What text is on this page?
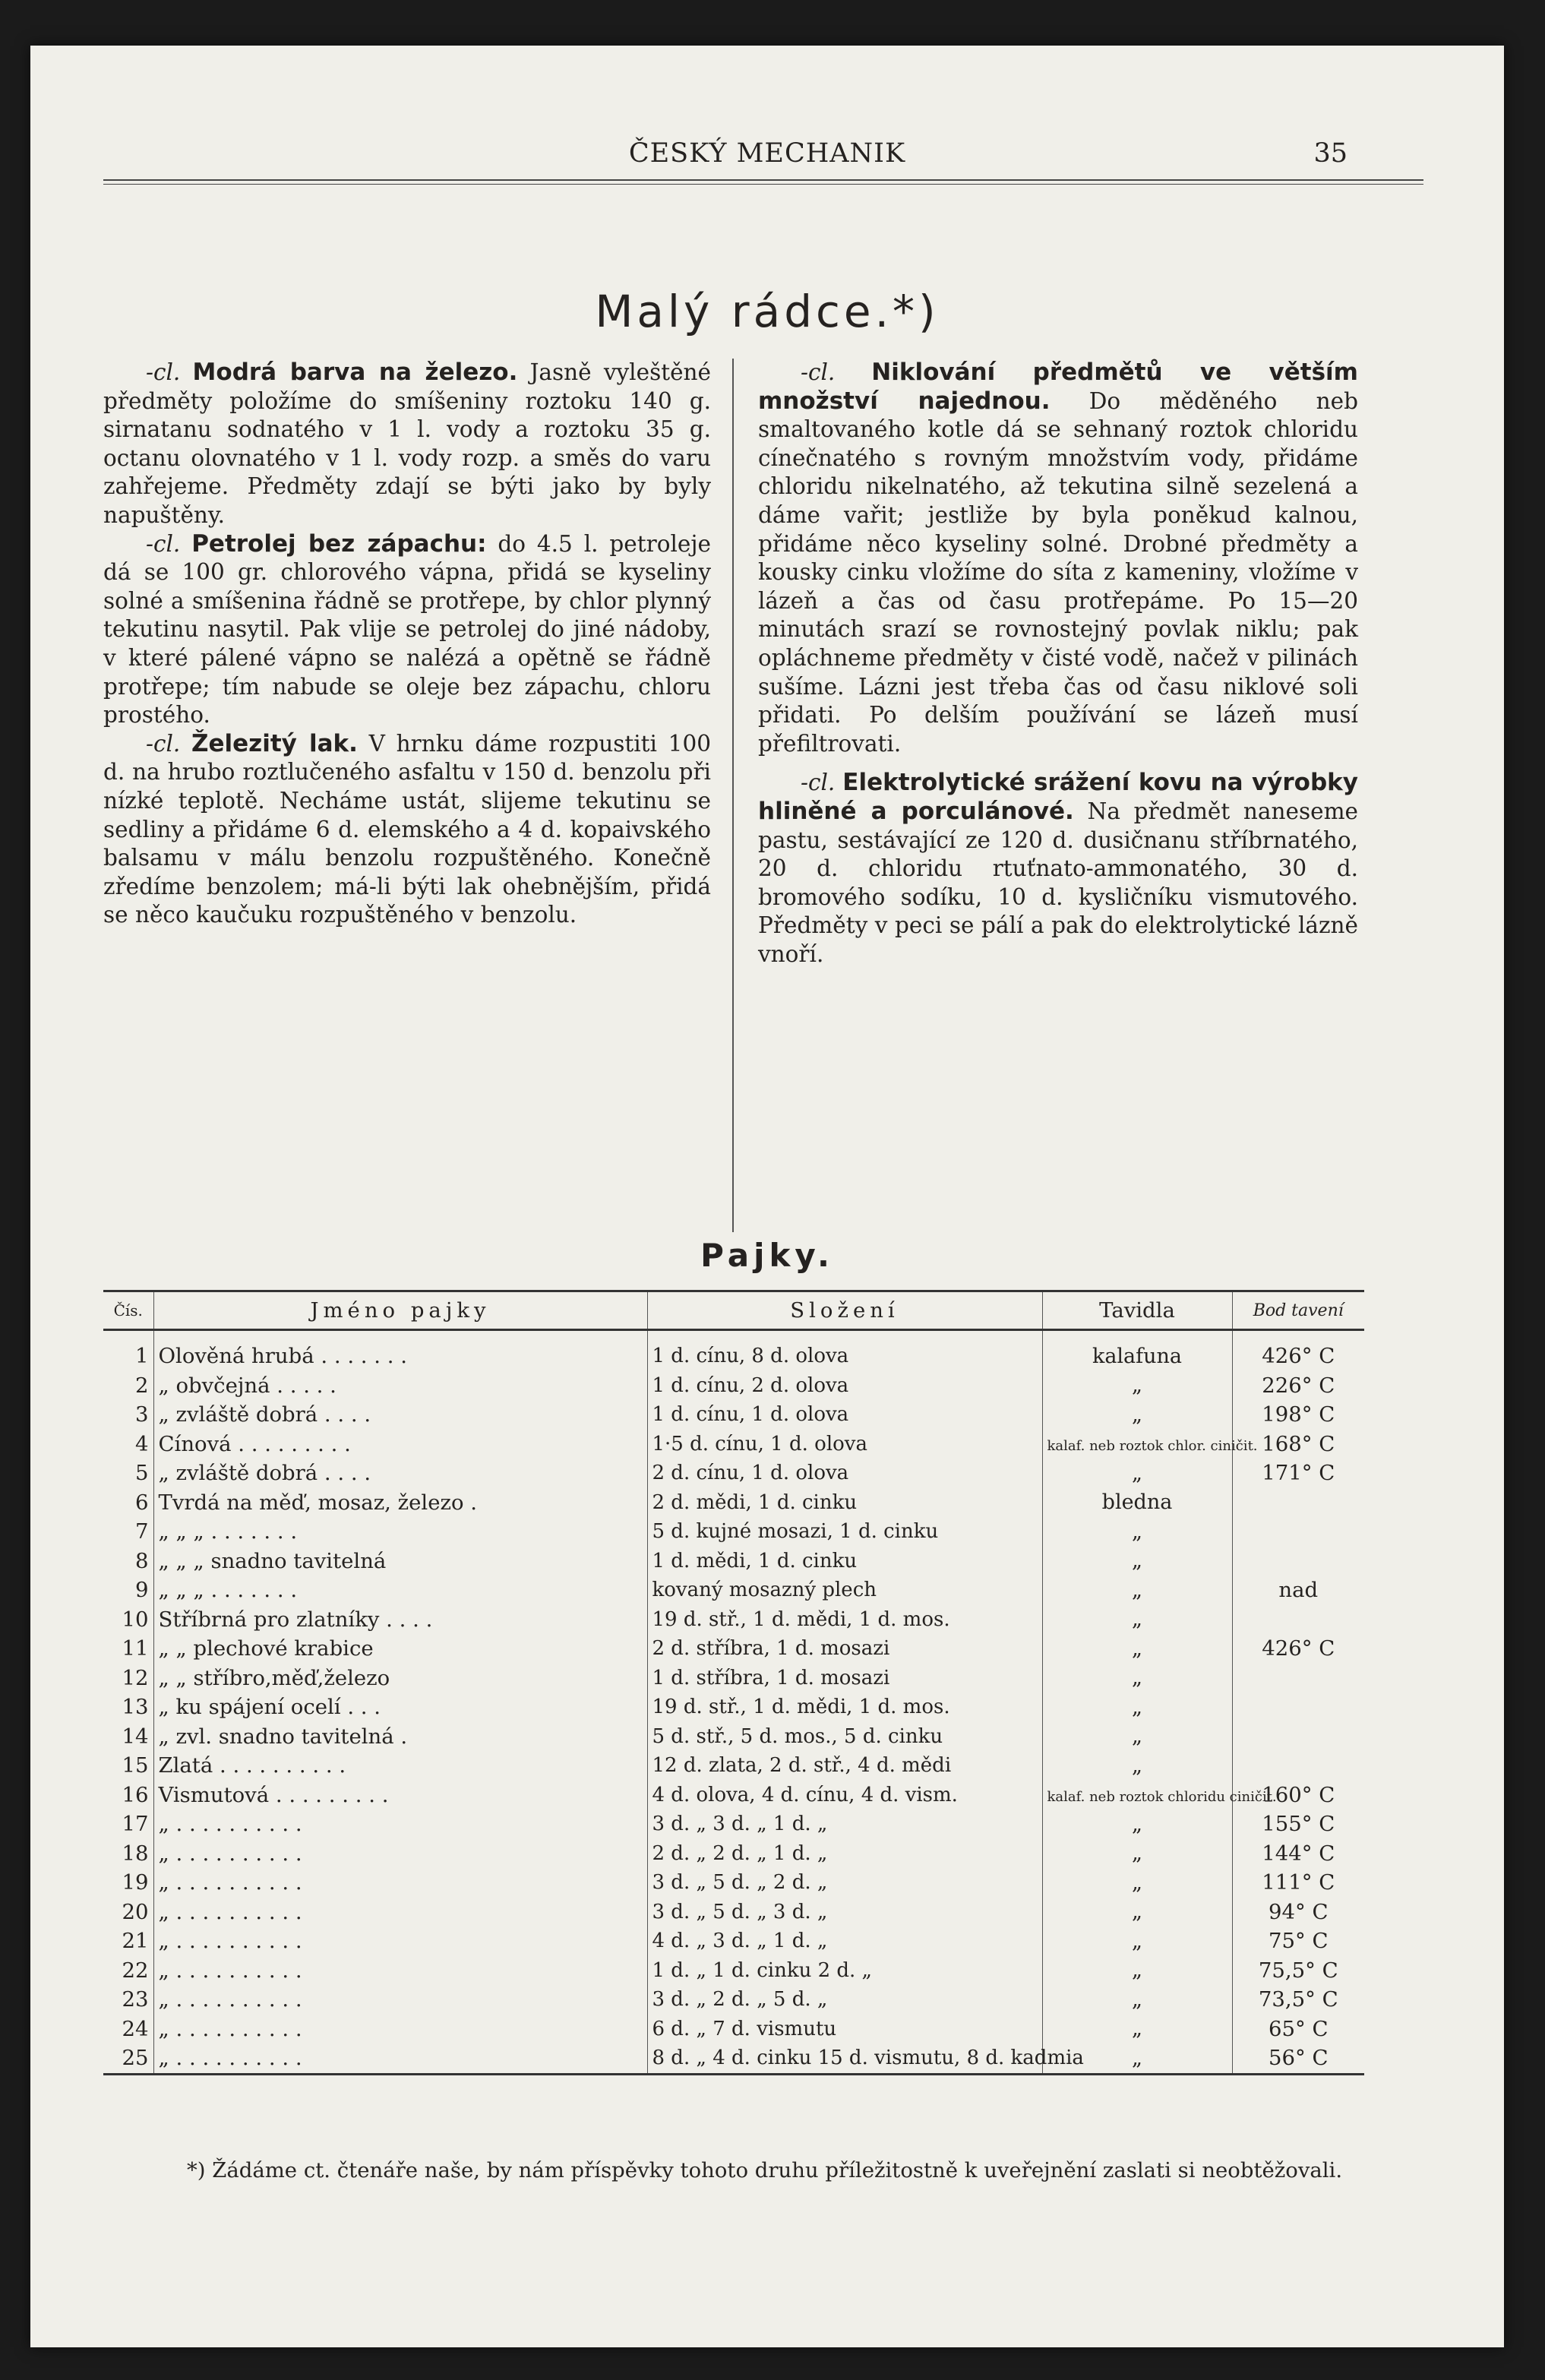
ČESKÝ MECHANIK	35
Malý rádce.*)

-cl. Modrá barva na železo. Jasně vyleštěné předměty položíme do smíšeniny roztoku 140 g. sirnatanu sodnatého v 1 l. vody a roztoku 35 g. octanu olovnatého v 1 l. vody rozp. a směs do varu zahřejeme. Předměty zdají se býti jako by byly napuštěny.

-cl. Petrolej bez zápachu: do 4.5 l. petroleje dá se 100 gr. chlorového vápna, přidá se kyseliny solné a smíšenina řádně se protřepe, by chlor plynný tekutinu nasytil. Pak vlije se petrolej do jiné nádoby, v které pálené vápno se nalézá a opětně se řádně protřepe; tím nabude se oleje bez zápachu, chloru prostého.

-cl. Železitý lak. V hrnku dáme rozpustiti 100 d. na hrubo roztlučeného asfaltu v 150 d. benzolu při nízké teplotě. Necháme ustát, slijeme tekutinu se sedliny a přidáme 6 d. elemského a 4 d. kopaivského balsamu v málu benzolu rozpuštěného. Konečně zředíme benzolem; má-li býti lak ohebnějším, přidá se něco kaučuku rozpuštěného v benzolu.

-cl. Niklování předmětů ve větším množství najednou. Do měděného neb smaltovaného kotle dá se sehnaný roztok chloridu cínečnatého s rovným množstvím vody, přidáme chloridu nikelnatého, až tekutina silně sezelená a dáme vařit; jestliže by byla poněkud kalnou, přidáme něco kyseliny solné. Drobné předměty a kousky cinku vložíme do síta z kameniny, vložíme v lázeň a čas od času protřepáme. Po 15—20 minutách srazí se rovnostejný povlak niklu; pak opláchneme předměty v čisté vodě, načež v pilinách sušíme. Lázni jest třeba čas od času niklové soli přidati. Po delším používání se lázeň musí přefiltrovati.

-cl. Elektrolytické srážení kovu na výrobky hliněné a porculánové. Na předmět naneseme pastu, sestávající ze 120 d. dusičnanu stříbrnatého, 20 d. chloridu rtuťnato-ammonatého, 30 d. bromového sodíku, 10 d. kysličníku vismutového. Předměty v peci se pálí a pak do elektrolytické lázně vnoří.

Pajky.
Čís.	Jméno pajky	Složení	Tavidla	Bod tavení

1	Olověná hrubá . . . . . . .	1 d. cínu, 8 d. olova	kalafuna	426° C
2	„ obvčejná . . . . .	1 d. cínu, 2 d. olova	„	226° C
3	„ zvláště dobrá . . . .	1 d. cínu, 1 d. olova	„	198° C
4	Cínová . . . . . . . . .	1·5 d. cínu, 1 d. olova	kalaf. neb roztok chlor. ciničit.	168° C
5	„ zvláště dobrá . . . .	2 d. cínu, 1 d. olova	„	171° C
6	Tvrdá na měď, mosaz, železo .	2 d. mědi, 1 d. cinku	bledna	
7	„ „ „ . . . . . . .	5 d. kujné mosazi, 1 d. cinku	„	
8	„ „ „ snadno tavitelná	1 d. mědi, 1 d. cinku	„	
9	„ „ „ . . . . . . .	kovaný mosazný plech	„	nad
10	Stříbrná pro zlatníky . . . .	19 d. stř., 1 d. mědi, 1 d. mos.	„	
11	„ „ plechové krabice	2 d. stříbra, 1 d. mosazi	„	426° C
12	„ „ stříbro,měď,železo	1 d. stříbra, 1 d. mosazi	„	
13	„ ku spájení ocelí . . .	19 d. stř., 1 d. mědi, 1 d. mos.	„	
14	„ zvl. snadno tavitelná .	5 d. stř., 5 d. mos., 5 d. cinku	„	
15	Zlatá . . . . . . . . . .	12 d. zlata, 2 d. stř., 4 d. mědi	„	
16	Vismutová . . . . . . . . .	4 d. olova, 4 d. cínu, 4 d. vism.	kalaf. neb roztok chloridu ciničit.	160° C
17	„ . . . . . . . . . .	3 d. „ 3 d. „ 1 d. „	„	155° C
18	„ . . . . . . . . . .	2 d. „ 2 d. „ 1 d. „	„	144° C
19	„ . . . . . . . . . .	3 d. „ 5 d. „ 2 d. „	„	111° C
20	„ . . . . . . . . . .	3 d. „ 5 d. „ 3 d. „	„	94° C
21	„ . . . . . . . . . .	4 d. „ 3 d. „ 1 d. „	„	75° C
22	„ . . . . . . . . . .	1 d. „ 1 d. cinku 2 d. „	„	75,5° C
23	„ . . . . . . . . . .	3 d. „ 2 d. „ 5 d. „	„	73,5° C
24	„ . . . . . . . . . .	6 d. „ 7 d. vismutu	„	65° C
25	„ . . . . . . . . . .	8 d. „ 4 d. cinku 15 d. vismutu, 8 d. kadmia	„	56° C

*) Žádáme ct. čtenáře naše, by nám příspěvky tohoto druhu příležitostně k uveřejnění zaslati si neobtěžovali.
